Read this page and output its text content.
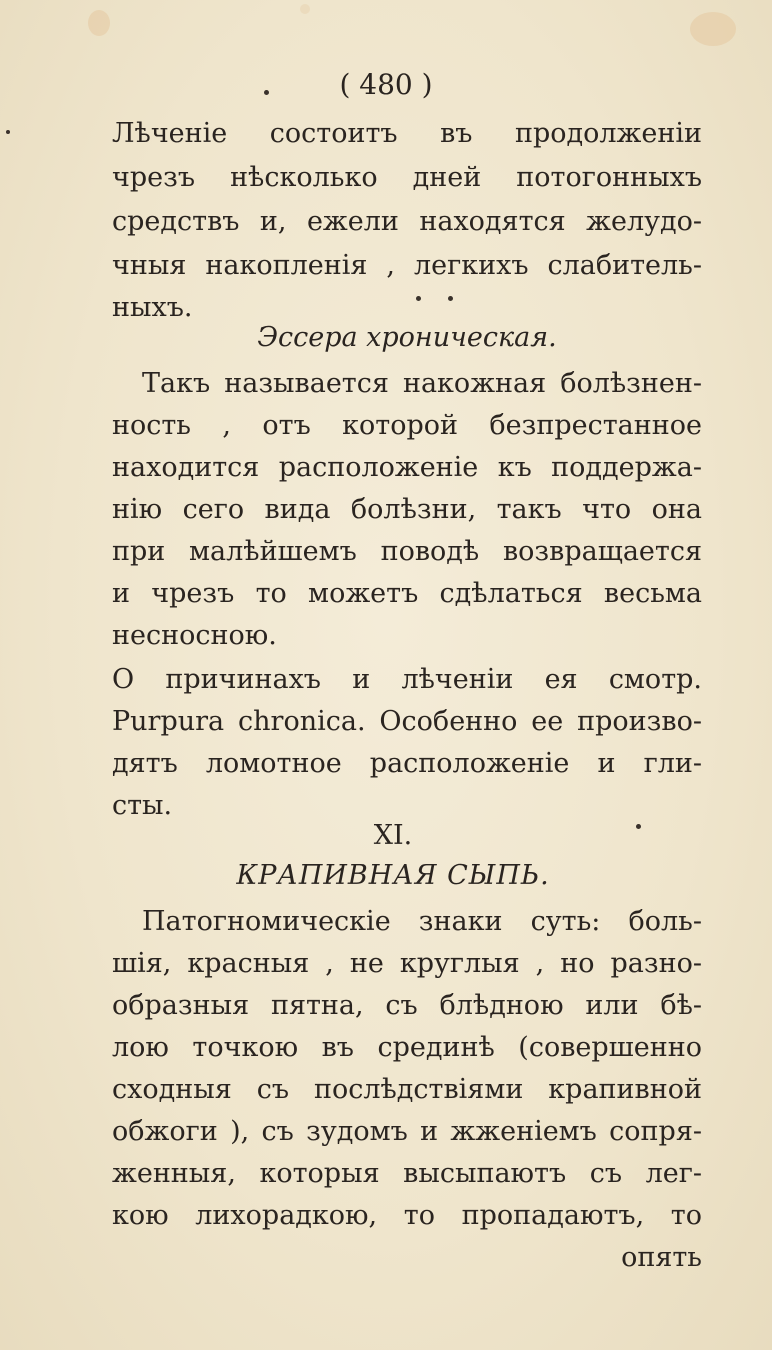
( 480 )
Лѣченіе состоитъ въ продолженіи
чрезъ нѣсколько дней потогонныхъ
средствъ и, ежели находятся желудо-
чныя накопленія , легкихъ слабитель-
ныхъ.
Эссера хроническая.
Такъ называется накожная болѣзнен-
ность , отъ которой безпрестанное
находится расположеніе къ поддержа-
нію сего вида болѣзни, такъ что она
при малѣйшемъ поводѣ возвращается
и чрезъ то можетъ сдѣлаться весьма
несносною.
О причинахъ и лѣченіи ея смотр.
Purpura chronica. Особенно ее произво-
дятъ ломотное расположеніе и гли-
сты.
XI.
КРАПИВНАЯ СЫПЬ.
Патогномическіе знаки суть: боль-
шія, красныя , не круглыя , но разно-
образныя пятна, съ блѣдною или бѣ-
лою точкою въ срединѣ (совершенно
сходныя съ послѣдствіями крапивной
обжоги ), съ зудомъ и жженіемъ сопря-
женныя, которыя высыпаютъ съ лег-
кою лихорадкою, то пропадаютъ, то
опять
